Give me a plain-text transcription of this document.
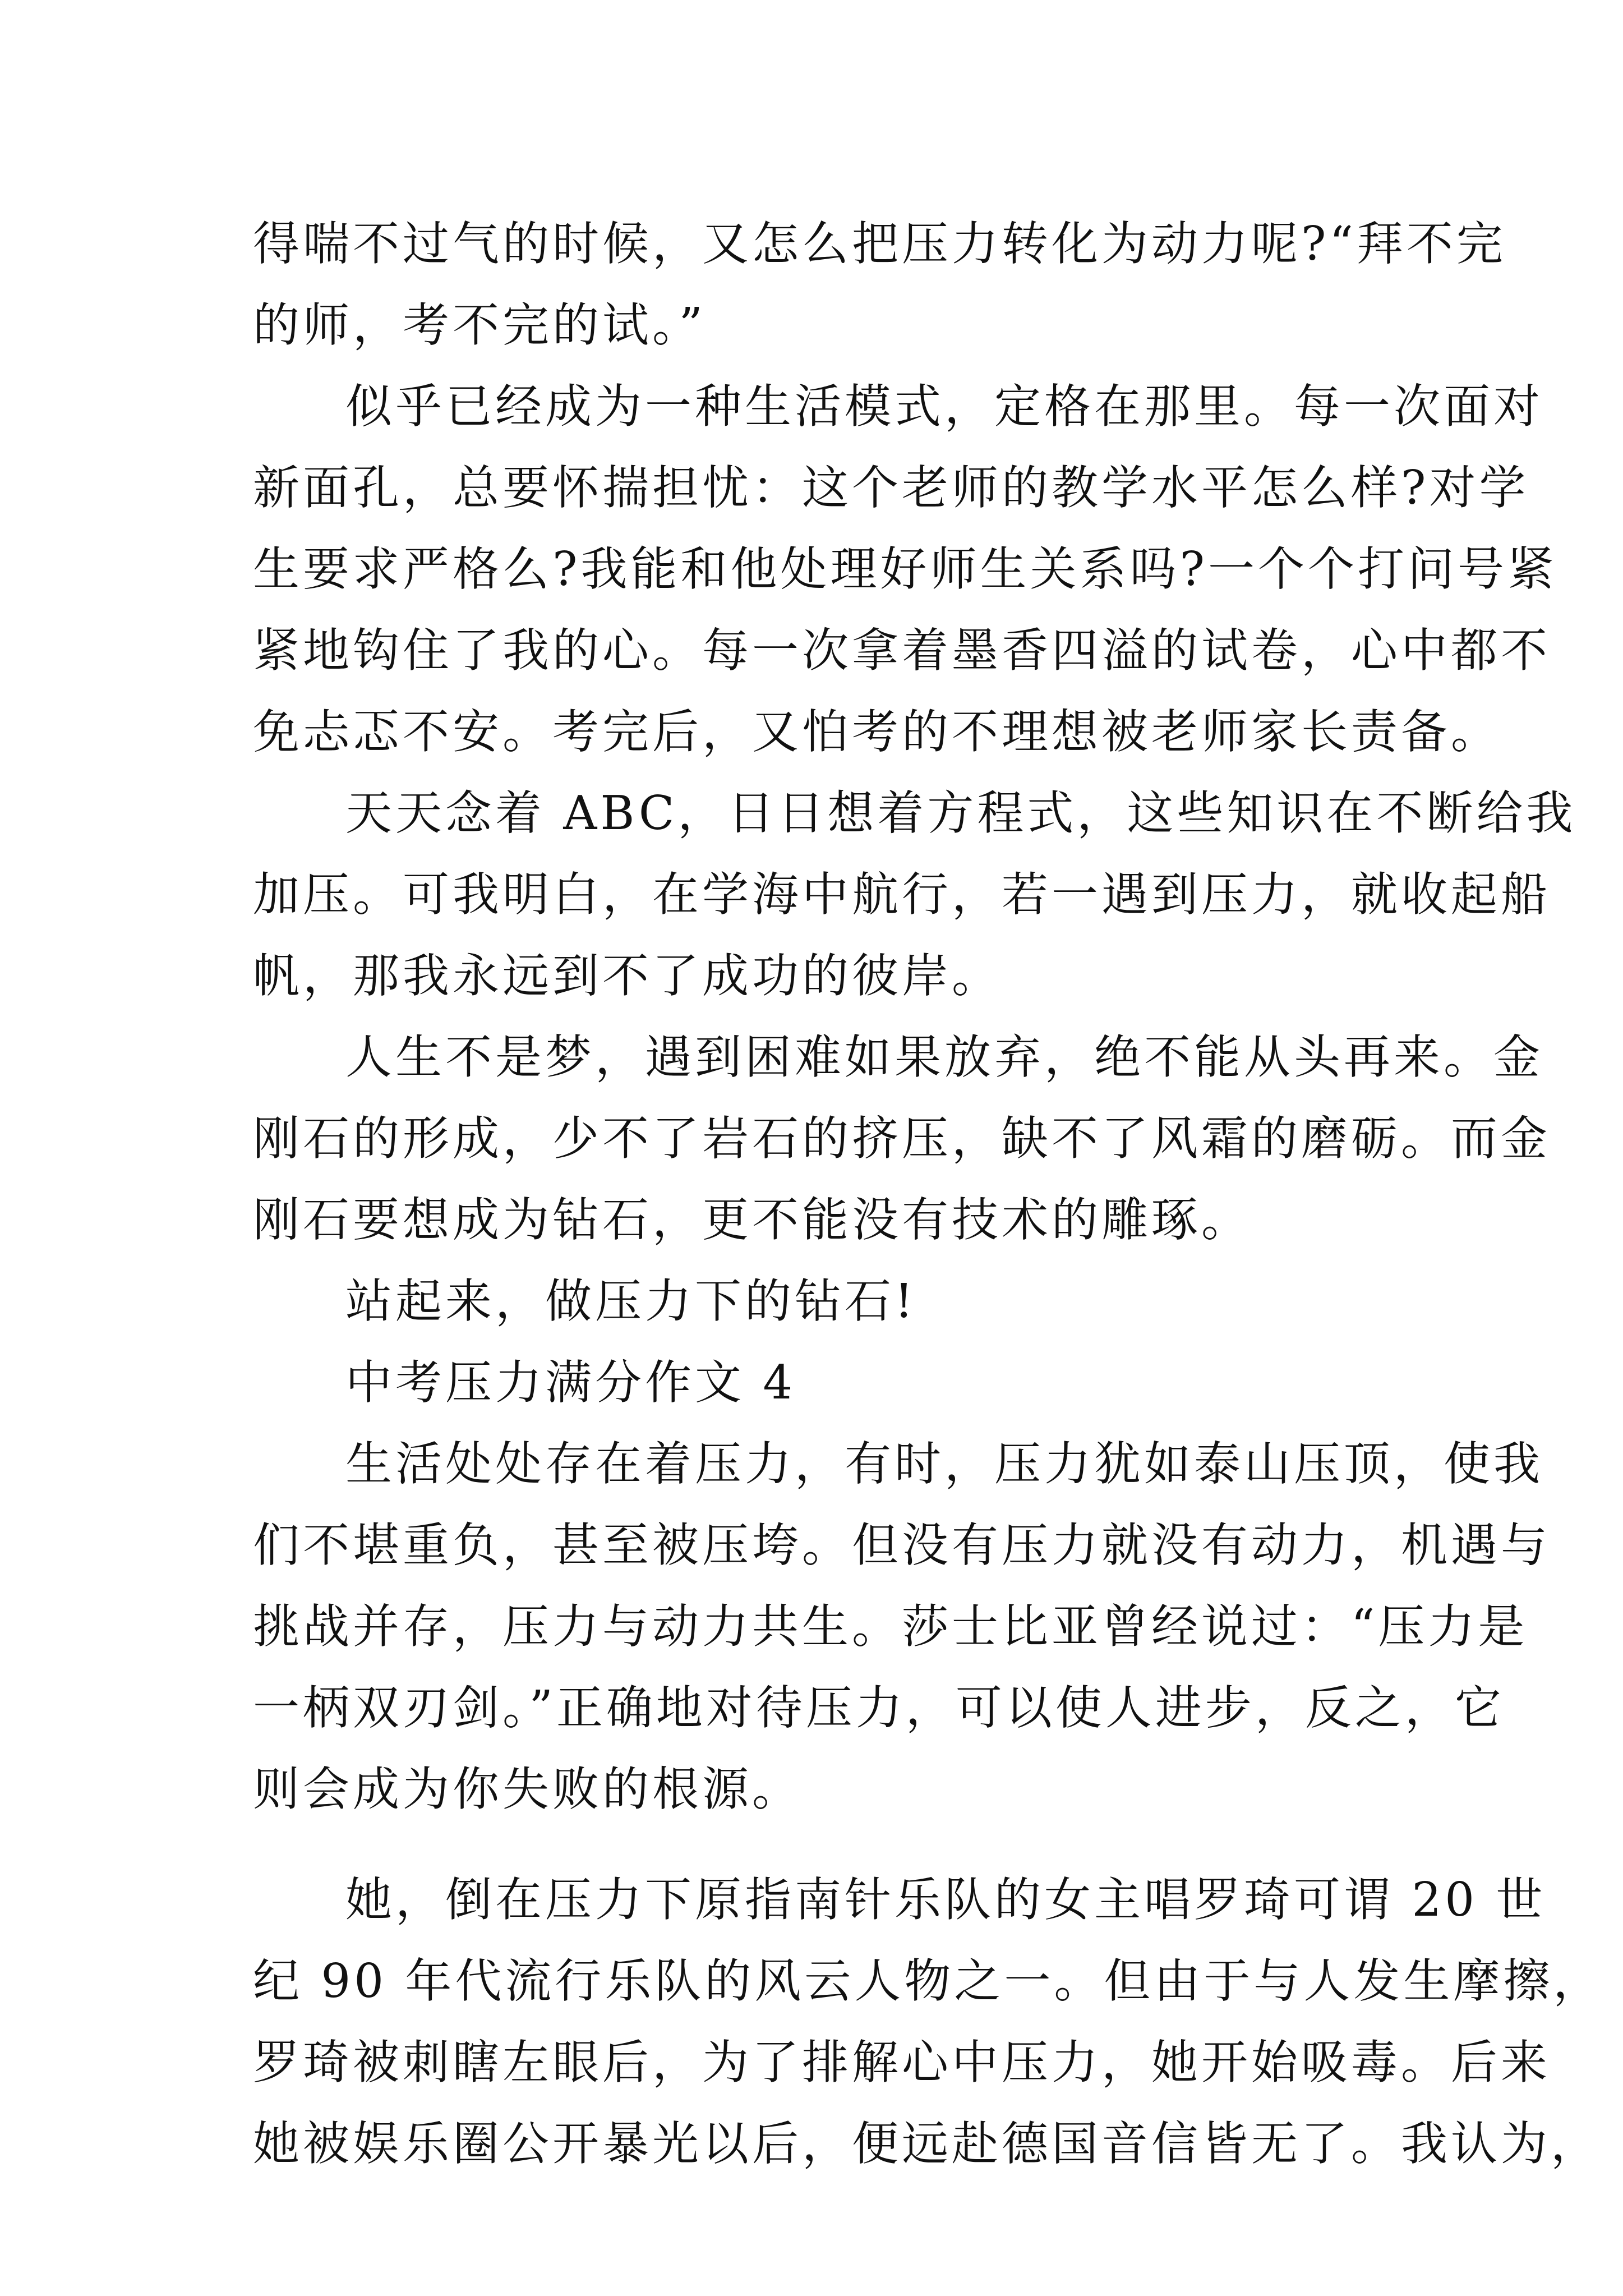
得喘不过气的时候，又怎么把压力转化为动力呢?“拜不完
的师，考不完的试。”
似乎已经成为一种生活模式，定格在那里。每一次面对
新面孔，总要怀揣担忧：这个老师的教学水平怎么样?对学
生要求严格么?我能和他处理好师生关系吗?一个个打问号紧
紧地钩住了我的心。每一次拿着墨香四溢的试卷，心中都不
免忐忑不安。考完后，又怕考的不理想被老师家长责备。
天天念着 ABC，日日想着方程式，这些知识在不断给我
加压。可我明白，在学海中航行，若一遇到压力，就收起船
帆，那我永远到不了成功的彼岸。
人生不是梦，遇到困难如果放弃，绝不能从头再来。金
刚石的形成，少不了岩石的挤压，缺不了风霜的磨砺。而金
刚石要想成为钻石，更不能没有技术的雕琢。
站起来，做压力下的钻石!
中考压力满分作文 4
生活处处存在着压力，有时，压力犹如泰山压顶，使我
们不堪重负，甚至被压垮。但没有压力就没有动力，机遇与
挑战并存，压力与动力共生。莎士比亚曾经说过：“压力是
一柄双刃剑。”正确地对待压力，可以使人进步，反之，它
则会成为你失败的根源。
她，倒在压力下原指南针乐队的女主唱罗琦可谓 20 世
纪 90 年代流行乐队的风云人物之一。但由于与人发生摩擦，
罗琦被刺瞎左眼后，为了排解心中压力，她开始吸毒。后来
她被娱乐圈公开暴光以后，便远赴德国音信皆无了。我认为，
